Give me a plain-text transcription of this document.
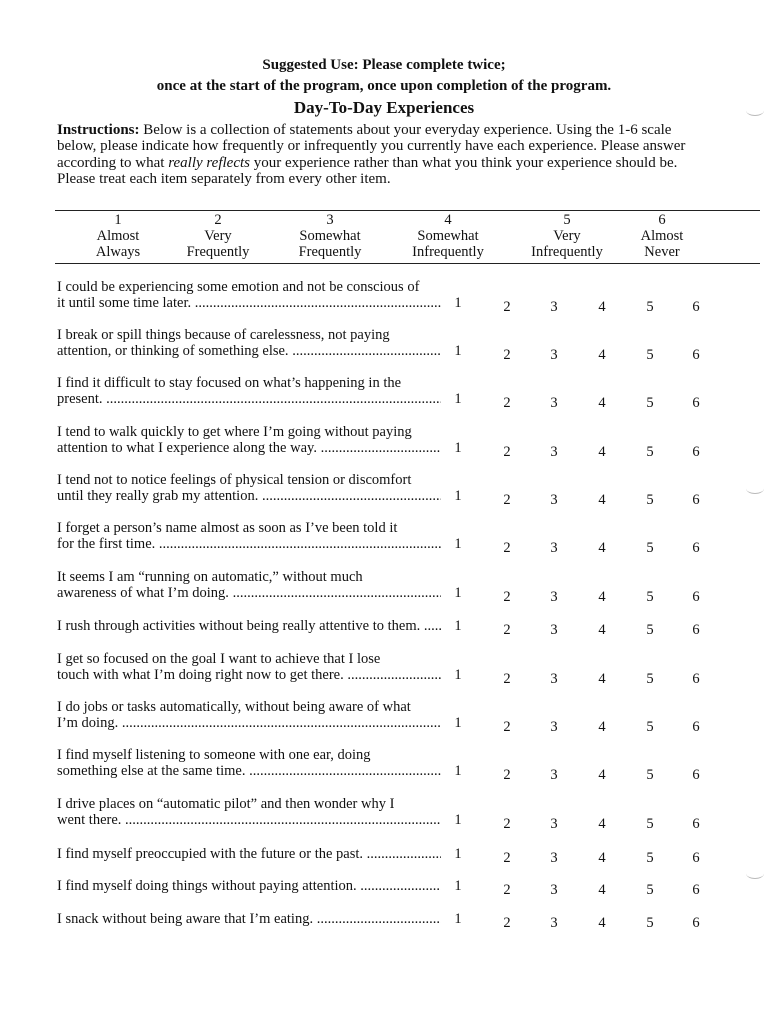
Suggested Use: Please complete twice;
once at the start of the program, once upon completion of the program.
Day-To-Day Experiences
Instructions: Below is a collection of statements about your everyday experience. Using the 1-6 scale
below, please indicate how frequently or infrequently you currently have each experience. Please answer
according to what really reflects your experience rather than what you think your experience should be.
Please treat each item separately from every other item.
1
Almost
Always
2
Very
Frequently
3
Somewhat
Frequently
4
Somewhat
Infrequently
5
Very
Infrequently
6
Almost
Never
I could be experiencing some emotion and not be conscious of
it until some time later. .....	1	2	3	4	5	6
I break or spill things because of carelessness, not paying
attention, or thinking of something else. .....	1	2	3	4	5	6
I find it difficult to stay focused on what’s happening in the
present. .....	1	2	3	4	5	6
I tend to walk quickly to get where I’m going without paying
attention to what I experience along the way. .....	1	2	3	4	5	6
I tend not to notice feelings of physical tension or discomfort
until they really grab my attention. .....	1	2	3	4	5	6
I forget a person’s name almost as soon as I’ve been told it
for the first time. .....	1	2	3	4	5	6
It seems I am “running on automatic,” without much
awareness of what I’m doing. .....	1	2	3	4	5	6
I rush through activities without being really attentive to them. .....	1	2	3	4	5	6
I get so focused on the goal I want to achieve that I lose
touch with what I’m doing right now to get there. .....	1	2	3	4	5	6
I do jobs or tasks automatically, without being aware of what
I’m doing. .....	1	2	3	4	5	6
I find myself listening to someone with one ear, doing
something else at the same time. .....	1	2	3	4	5	6
I drive places on “automatic pilot” and then wonder why I
went there. .....	1	2	3	4	5	6
I find myself preoccupied with the future or the past. .....	1	2	3	4	5	6
I find myself doing things without paying attention. .....	1	2	3	4	5	6
I snack without being aware that I’m eating. .....	1	2	3	4	5	6
